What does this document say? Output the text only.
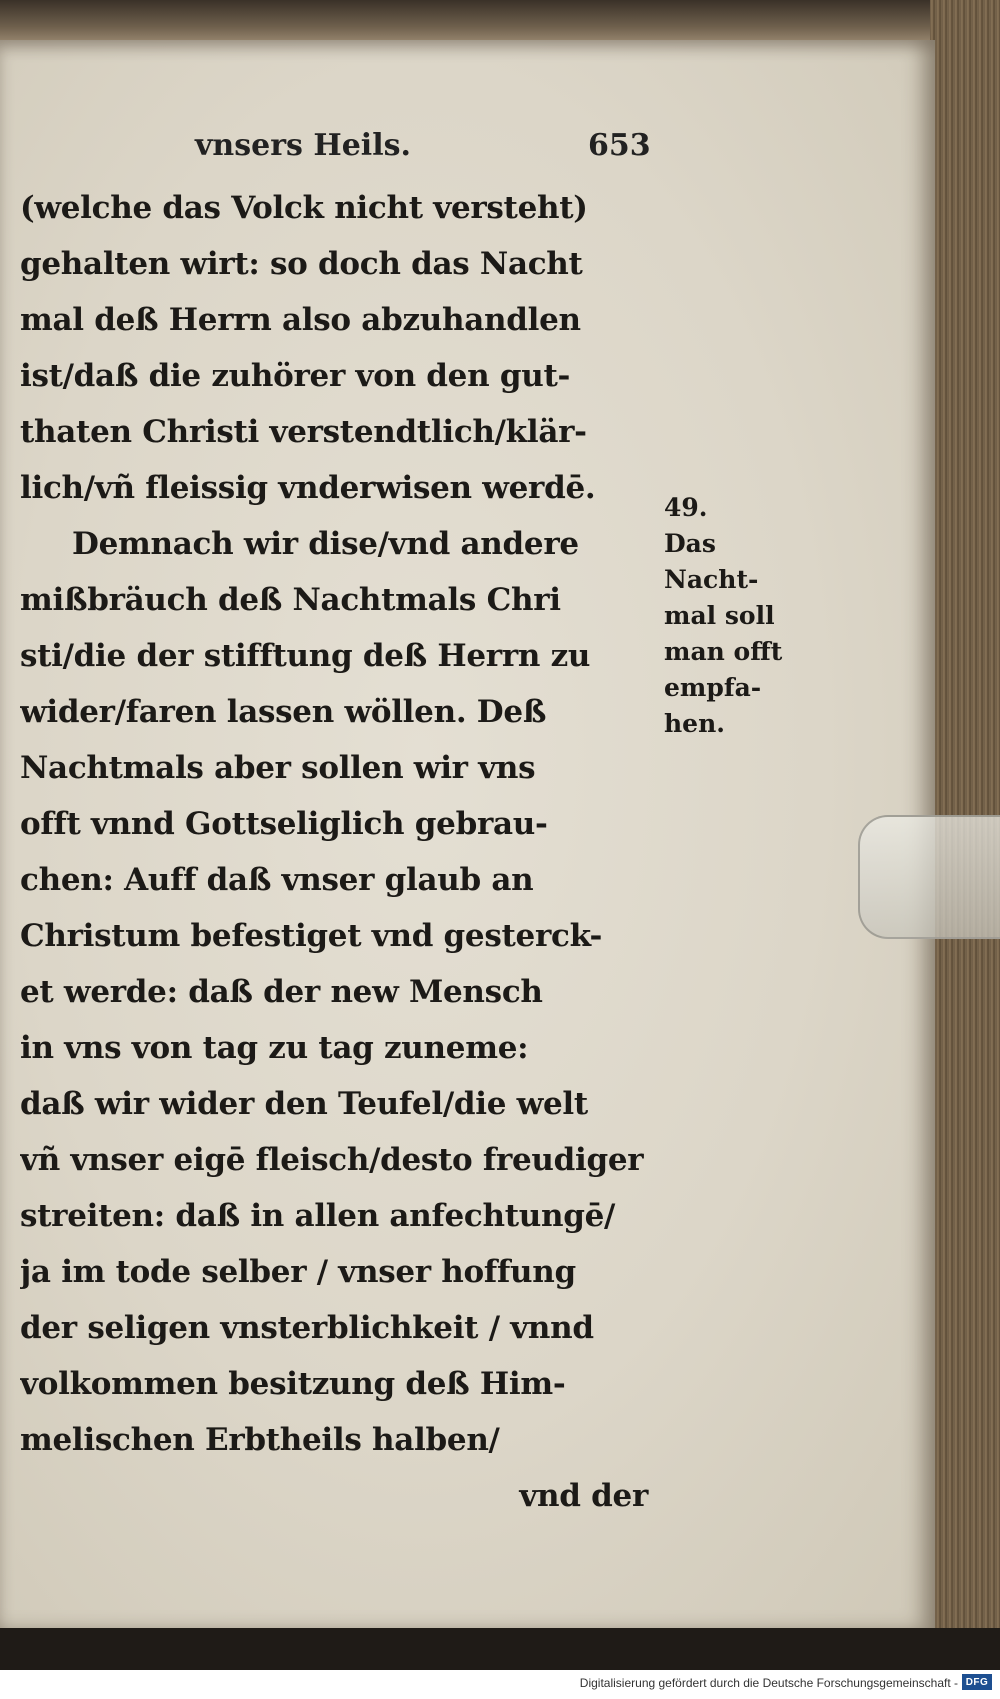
vnsers Heils.	653
(welche das Volck nicht versteht)
gehalten wirt: so doch das Nacht
mal deß Herrn also abzuhandlen
ist/daß die zuhörer von den gut-
thaten Christi verstendtlich/klär-
lich/vñ fleissig vnderwisen werdē.
Demnach wir dise/vnd andere
mißbräuch deß Nachtmals Chri
sti/die der stifftung deß Herrn zu
wider/faren lassen wöllen. Deß
Nachtmals aber sollen wir vns
offt vnnd Gottseliglich gebrau-
chen: Auff daß vnser glaub an
Christum befestiget vnd gesterck-
et werde: daß der new Mensch
in vns von tag zu tag zuneme:
daß wir wider den Teufel/die welt
vñ vnser eigē fleisch/desto freudiger
streiten: daß in allen anfechtungē/
ja im tode selber / vnser hoffung
der seligen vnsterblichkeit / vnnd
volkommen besitzung deß Him-
melischen Erbtheils halben/
vnd der
49.
Das
Nacht-
mal soll
man offt
empfa-
hen.
Digitalisierung gefördert durch die Deutsche Forschungsgemeinschaft - DFG
